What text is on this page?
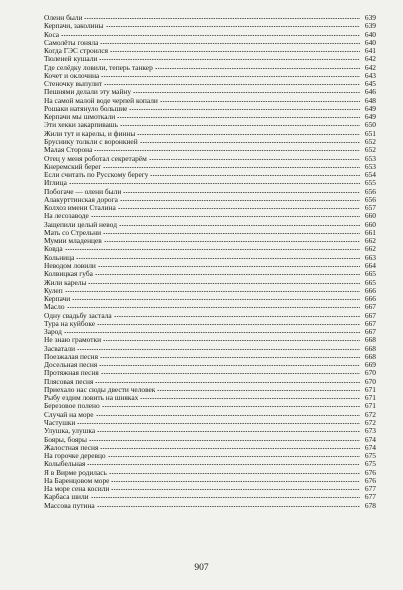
Олени были	639
Керпачи, заколины	639
Коса	640
Самолёты гоняла	640
Когда ГЭС строился	641
Тюленей кушали	642
Где селёдку ловили, теперь танкер	642
Кочет и оклочина	643
Стеночку выпулит	645
Пешнями делали эту майну	646
На самой малой воде черпей копали	648
Рошаки натянуло большие	649
Керпачи мы шмоткали	649
Эти хекки закарпивашь	650
Жили тут и карелы, и финны	651
Бруснику толкли с воронкией	652
Малая Сторона	652
Отец у меня роботал секретарём	653
Кнеремский берег	653
Если считать по Русскому берегу	654
Иглица	655
Побогаче — олени были	656
Алакурттинская дорога	656
Колхоз имени Сталина	657
На лесозаводе	660
Защепили целый невод	660
Мать со Стрельни	661
Мумии младенцев	662
Ковда	662
Кольница	663
Неводом ловили	664
Колвицкая губа	665
Жили карелы	665
Кулеп	666
Керпачи	666
Масло	667
Одну свадьбу застала	667
Тура на куйбоке	667
Зарод	667
Не знаю грамотки	668
Засватали	668
Поезжалая песня	668
Досельная песня	669
Протяжная песня	670
Плясовая песня	670
Приехало нас сюды двести человек	671
Рыбу ездим ловить на шняках	671
Березовое полено	671
Случай на море	672
Частушки	672
Улушка, улушка	673
Бояры, бояры	674
Жалостная песня	674
На горочке деревцо	675
Колыбельная	675
Я в Вирме родилась	676
На Баренцовом море	676
На море сена косили	677
Карбаса шили	677
Массова путина	678
907
